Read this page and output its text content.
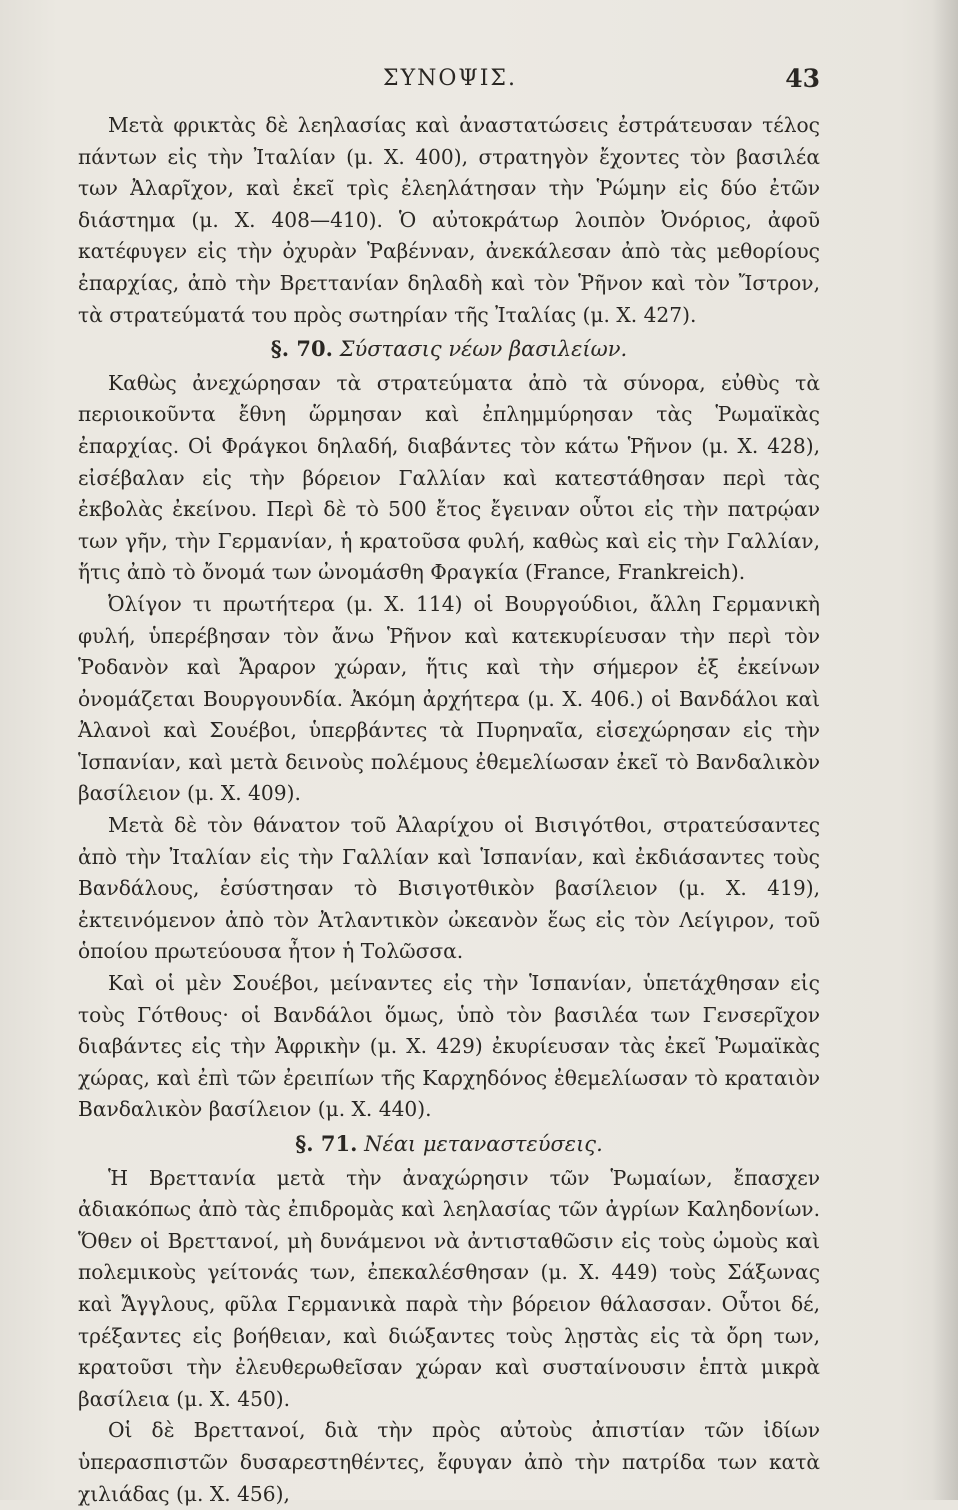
ΣΥΝΟΨΙΣ.	43

Μετὰ φρικτὰς δὲ λεηλασίας καὶ ἀναστατώσεις ἐστράτευσαν τέλος πάντων εἰς τὴν Ἰταλίαν (μ. Χ. 400), στρατηγὸν ἔχοντες τὸν βασιλέα των Ἀλαρῖχον, καὶ ἐκεῖ τρὶς ἐλεηλάτησαν τὴν Ῥώμην εἰς δύο ἐτῶν διάστημα (μ. Χ. 408—410). Ὁ αὐτοκράτωρ λοιπὸν Ὀνόριος, ἀφοῦ κατέφυγεν εἰς τὴν ὀχυρὰν Ῥαβένναν, ἀνεκάλεσαν ἀπὸ τὰς μεθορίους ἐπαρχίας, ἀπὸ τὴν Βρεττανίαν δηλαδὴ καὶ τὸν Ῥῆνον καὶ τὸν Ἴστρον, τὰ στρατεύματά του πρὸς σωτηρίαν τῆς Ἰταλίας (μ. Χ. 427).

§. 70. Σύστασις νέων βασιλείων.

Καθὼς ἀνεχώρησαν τὰ στρατεύματα ἀπὸ τὰ σύνορα, εὐθὺς τὰ περιοικοῦντα ἔθνη ὥρμησαν καὶ ἐπλημμύρησαν τὰς Ῥωμαϊκὰς ἐπαρχίας. Οἱ Φράγκοι δηλαδή, διαβάντες τὸν κάτω Ῥῆνον (μ. Χ. 428), εἰσέβαλαν εἰς τὴν βόρειον Γαλλίαν καὶ κατεστάθησαν περὶ τὰς ἐκβολὰς ἐκείνου. Περὶ δὲ τὸ 500 ἔτος ἔγειναν οὗτοι εἰς τὴν πατρῴαν των γῆν, τὴν Γερμανίαν, ἡ κρατοῦσα φυλή, καθὼς καὶ εἰς τὴν Γαλλίαν, ἥτις ἀπὸ τὸ ὄνομά των ὠνομάσθη Φραγκία (France, Frankreich).

Ὀλίγον τι πρωτήτερα (μ. Χ. 114) οἱ Βουργούδιοι, ἄλλη Γερμανικὴ φυλή, ὑπερέβησαν τὸν ἄνω Ῥῆνον καὶ κατεκυρίευσαν τὴν περὶ τὸν Ῥοδανὸν καὶ Ἄραρον χώραν, ἥτις καὶ τὴν σήμερον ἐξ ἐκείνων ὀνομάζεται Βουργουνδία. Ἀκόμη ἀρχήτερα (μ. Χ. 406.) οἱ Βανδάλοι καὶ Ἀλανοὶ καὶ Σουέβοι, ὑπερβάντες τὰ Πυρηναῖα, εἰσεχώρησαν εἰς τὴν Ἱσπανίαν, καὶ μετὰ δεινοὺς πολέμους ἐθεμελίωσαν ἐκεῖ τὸ Βανδαλικὸν βασίλειον (μ. Χ. 409).

Μετὰ δὲ τὸν θάνατον τοῦ Ἀλαρίχου οἱ Βισιγότθοι, στρατεύσαντες ἀπὸ τὴν Ἰταλίαν εἰς τὴν Γαλλίαν καὶ Ἱσπανίαν, καὶ ἐκδιάσαντες τοὺς Βανδάλους, ἐσύστησαν τὸ Βισιγοτθικὸν βασίλειον (μ. Χ. 419), ἐκτεινόμενον ἀπὸ τὸν Ἀτλαντικὸν ὠκεανὸν ἕως εἰς τὸν Λείγιρον, τοῦ ὁποίου πρωτεύουσα ἦτον ἡ Τολῶσσα.

Καὶ οἱ μὲν Σουέβοι, μείναντες εἰς τὴν Ἱσπανίαν, ὑπετάχθησαν εἰς τοὺς Γότθους· οἱ Βανδάλοι ὅμως, ὑπὸ τὸν βασιλέα των Γενσερῖχον διαβάντες εἰς τὴν Ἀφρικὴν (μ. Χ. 429) ἐκυρίευσαν τὰς ἐκεῖ Ῥωμαϊκὰς χώρας, καὶ ἐπὶ τῶν ἐρειπίων τῆς Καρχηδόνος ἐθεμελίωσαν τὸ κραταιὸν Βανδαλικὸν βασίλειον (μ. Χ. 440).

§. 71. Νέαι μεταναστεύσεις.

Ἡ Βρεττανία μετὰ τὴν ἀναχώρησιν τῶν Ῥωμαίων, ἔπασχεν ἀδιακόπως ἀπὸ τὰς ἐπιδρομὰς καὶ λεηλασίας τῶν ἀγρίων Καληδονίων. Ὅθεν οἱ Βρεττανοί, μὴ δυνάμενοι νὰ ἀντισταθῶσιν εἰς τοὺς ὠμοὺς καὶ πολεμικοὺς γείτονάς των, ἐπεκαλέσθησαν (μ. Χ. 449) τοὺς Σάξωνας καὶ Ἄγγλους, φῦλα Γερμανικὰ παρὰ τὴν βόρειον θάλασσαν. Οὗτοι δέ, τρέξαντες εἰς βοήθειαν, καὶ διώξαντες τοὺς λῃστὰς εἰς τὰ ὄρη των, κρατοῦσι τὴν ἐλευθερωθεῖσαν χώραν καὶ συσταίνουσιν ἑπτὰ μικρὰ βασίλεια (μ. Χ. 450).

Οἱ δὲ Βρεττανοί, διὰ τὴν πρὸς αὐτοὺς ἀπιστίαν τῶν ἰδίων ὑπερασπιστῶν δυσαρεστηθέντες, ἔφυγαν ἀπὸ τὴν πατρίδα των κατὰ χιλιάδας (μ. Χ. 456),
